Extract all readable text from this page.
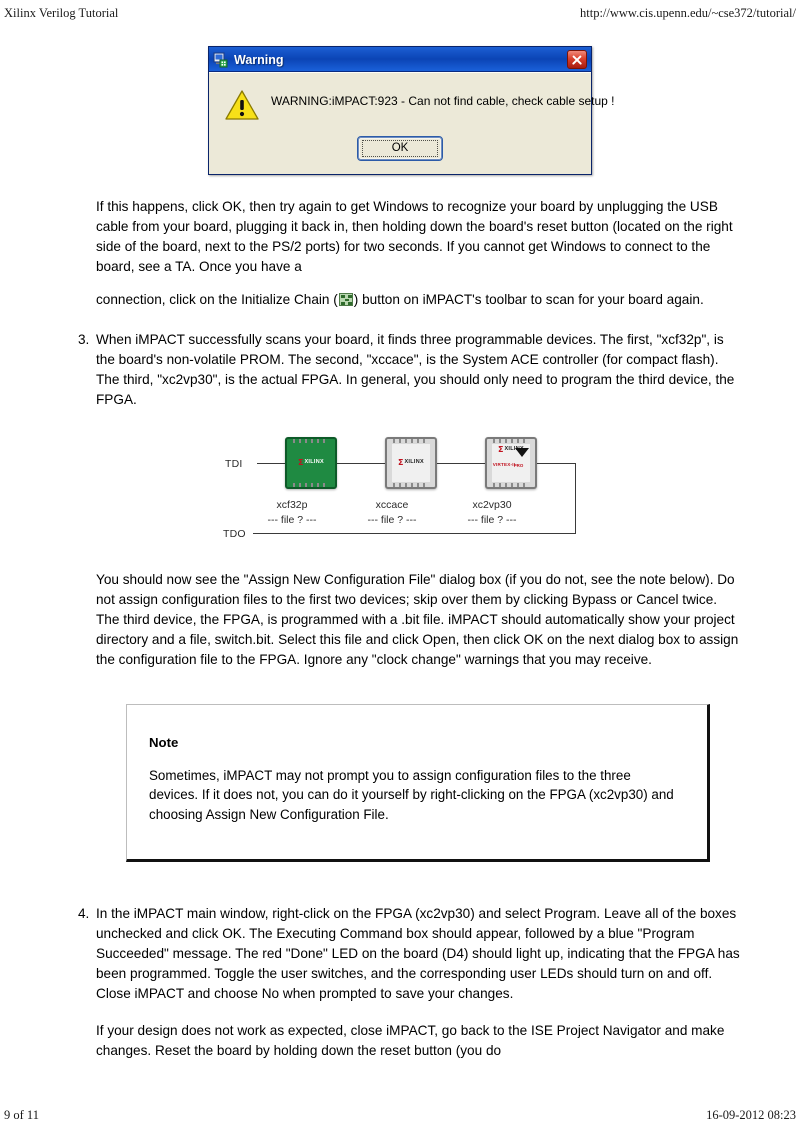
Xilinx Verilog Tutorial	http://www.cis.upenn.edu/~cse372/tutorial/
Warning
WARNING:iMPACT:923 - Can not find cable, check cable setup !
OK

If this happens, click OK, then try again to get Windows to recognize your board by unplugging the USB cable from your board, plugging it back in, then holding down the board's reset button (located on the right side of the board, next to the PS/2 ports) for two seconds. If you cannot get Windows to connect to the board, see a TA. Once you have a

connection, click on the Initialize Chain ( ) button on iMPACT's toolbar to scan for your board again.

3. When iMPACT successfully scans your board, it finds three programmable devices. The first, "xcf32p", is the board's non-volatile PROM. The second, "xccace", is the System ACE controller (for compact flash). The third, "xc2vp30", is the actual FPGA. In general, you should only need to program the third device, the FPGA.
TDI
TDO
Σ XILINX
xcf32p
--- file ? ---
Σ XILINX
xccace
--- file ? ---
Σ XILINX
VIRTEX-II
PRO
xc2vp30
--- file ? ---

You should now see the "Assign New Configuration File" dialog box (if you do not, see the note below). Do not assign configuration files to the first two devices; skip over them by clicking Bypass or Cancel twice. The third device, the FPGA, is programmed with a .bit file. iMPACT should automatically show your project directory and a file, switch.bit. Select this file and click Open, then click OK on the next dialog box to assign the configuration file to the FPGA. Ignore any "clock change" warnings that you may receive.

Note

Sometimes, iMPACT may not prompt you to assign configuration files to the three devices. If it does not, you can do it yourself by right-clicking on the FPGA (xc2vp30) and choosing Assign New Configuration File.

4. In the iMPACT main window, right-click on the FPGA (xc2vp30) and select Program. Leave all of the boxes unchecked and click OK. The Executing Command box should appear, followed by a blue "Program Succeeded" message. The red "Done" LED on the board (D4) should light up, indicating that the FPGA has been programmed. Toggle the user switches, and the corresponding user LEDs should turn on and off. Close iMPACT and choose No when prompted to save your changes.

If your design does not work as expected, close iMPACT, go back to the ISE Project Navigator and make changes. Reset the board by holding down the reset button (you do

9 of 11	16-09-2012 08:23
